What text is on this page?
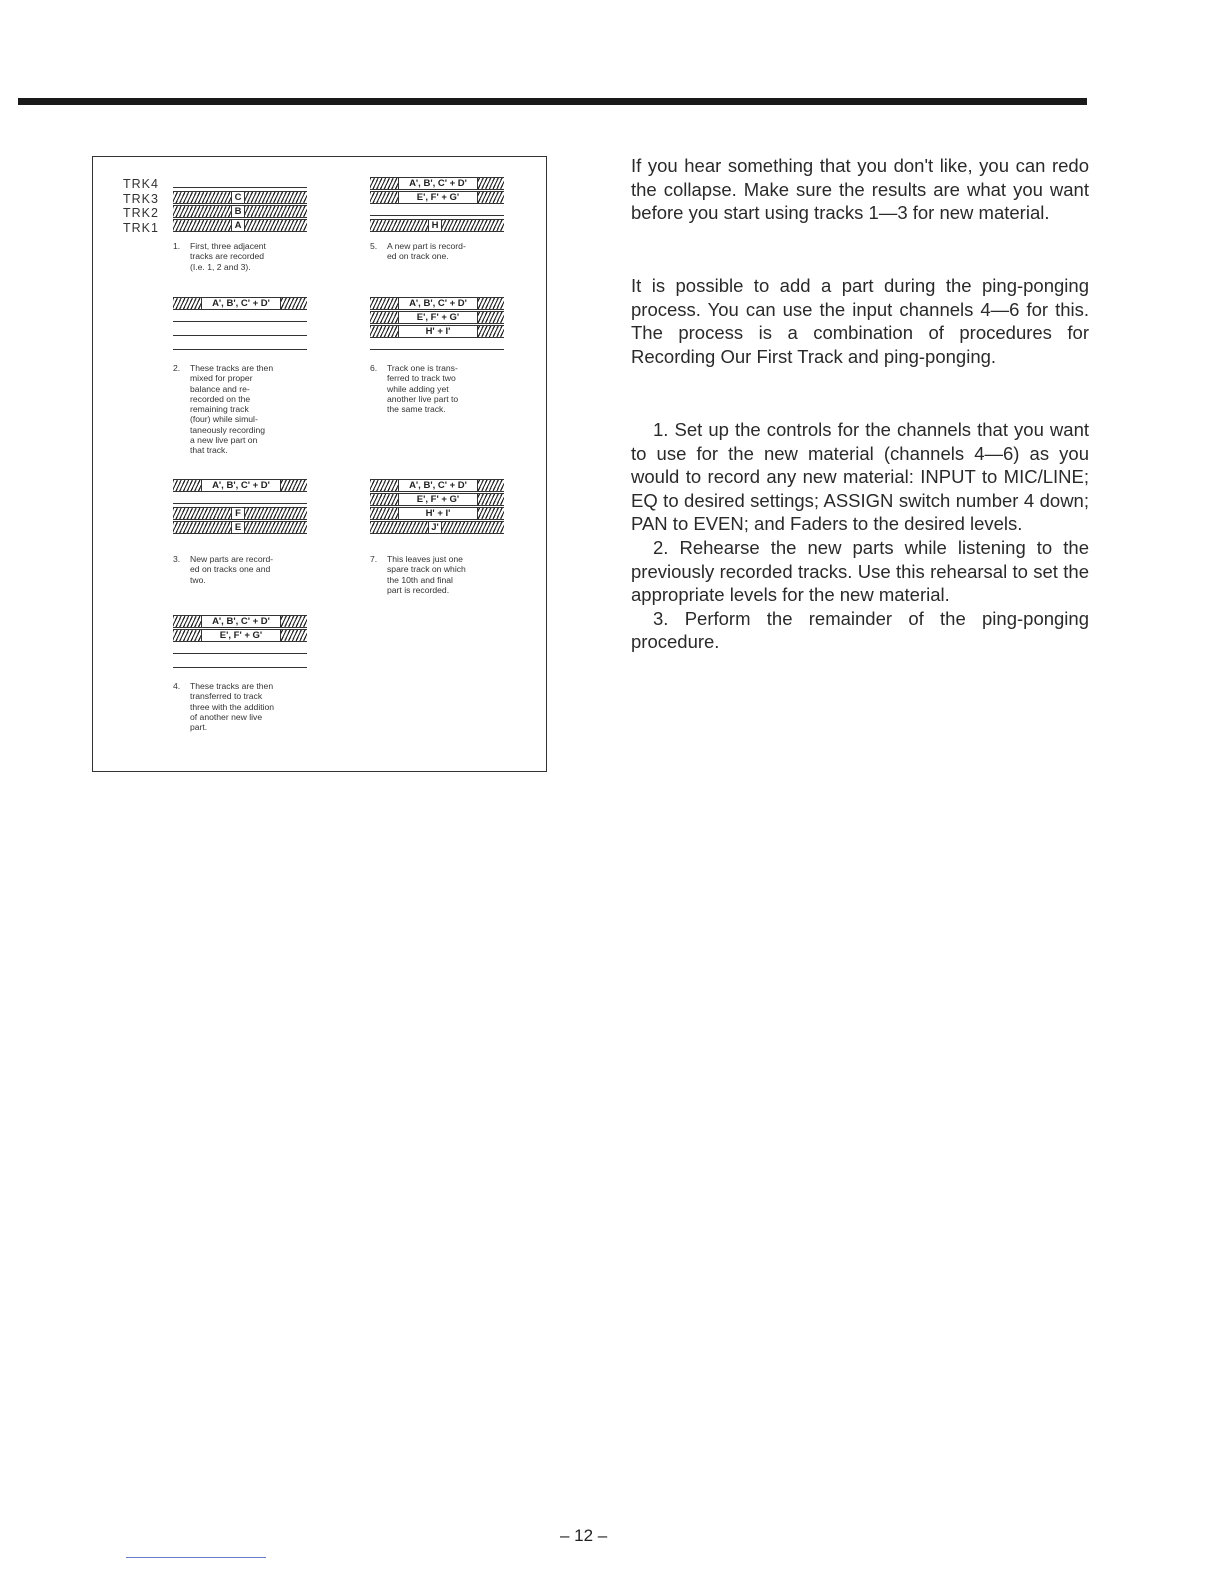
TRK4
TRK3
TRK2
TRK1
C
B
A
1. First, three adjacent
tracks are recorded
(I.e. 1, 2 and 3).

A', B', C' + D'
2. These tracks are then
mixed for proper
balance and re-
recorded on the
remaining track
(four) while simul-
taneously recording
a new live part on
that track.

A', B', C' + D'
F
E
3. New parts are record-
ed on tracks one and
two.

A', B', C' + D'
E', F' + G'
4. These tracks are then
transferred to track
three with the addition
of another new live
part.

A', B', C' + D'
E', F' + G'
H
5. A new part is record-
ed on track one.

A', B', C' + D'
E', F' + G'
H' + I'
6. Track one is trans-
ferred to track two
while adding yet
another live part to
the same track.

A', B', C' + D'
E', F' + G'
H' + I'
J'
7. This leaves just one
spare track on which
the 10th and final
part is recorded.

If you hear something that you don't like, you can redo the collapse. Make sure the results are what you want before you start using tracks 1—3 for new material.

It is possible to add a part during the ping-ponging process. You can use the input channels 4—6 for this. The process is a combination of procedures for Recording Our First Track and ping-ponging.

1. Set up the controls for the channels that you want to use for the new material (channels 4—6) as you would to record any new material: INPUT to MIC/LINE; EQ to desired settings; ASSIGN switch number 4 down; PAN to EVEN; and Faders to the desired levels.

2. Rehearse the new parts while listening to the previously recorded tracks. Use this rehearsal to set the appropriate levels for the new material.

3. Perform the remainder of the ping-ponging procedure.

– 12 –
